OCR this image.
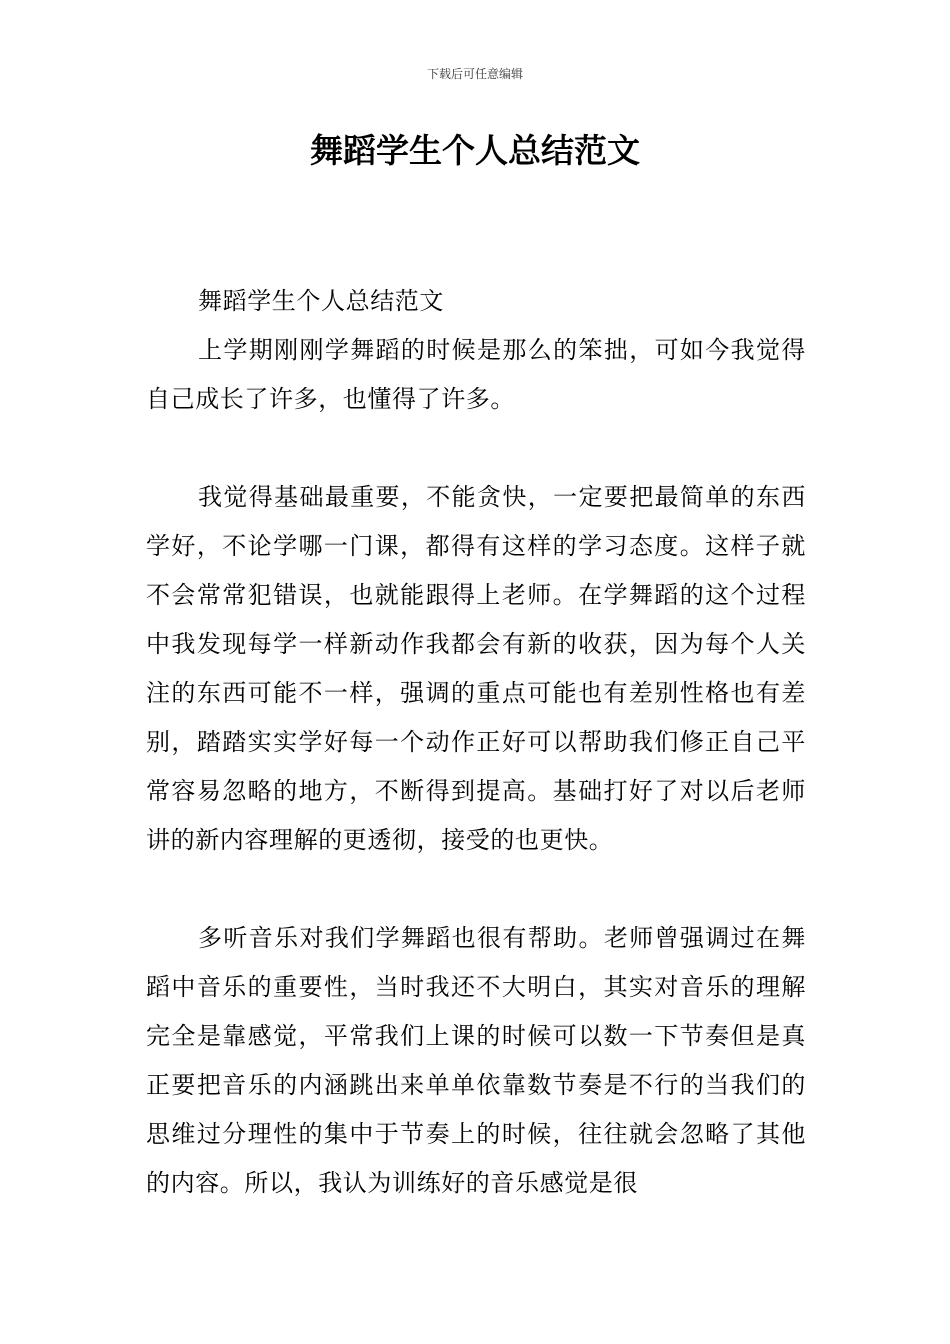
下载后可任意编辑
舞蹈学生个人总结范文

舞蹈学生个人总结范文

上学期刚刚学舞蹈的时候是那么的笨拙，可如今我觉得自己成长了许多，也懂得了许多。

我觉得基础最重要，不能贪快，一定要把最简单的东西学好，不论学哪一门课，都得有这样的学习态度。这样子就不会常常犯错误，也就能跟得上老师。在学舞蹈的这个过程中我发现每学一样新动作我都会有新的收获，因为每个人关注的东西可能不一样，强调的重点可能也有差别性格也有差别，踏踏实实学好每一个动作正好可以帮助我们修正自己平常容易忽略的地方，不断得到提高。基础打好了对以后老师讲的新内容理解的更透彻，接受的也更快。

多听音乐对我们学舞蹈也很有帮助。老师曾强调过在舞蹈中音乐的重要性，当时我还不大明白，其实对音乐的理解完全是靠感觉，平常我们上课的时候可以数一下节奏但是真正要把音乐的内涵跳出来单单依靠数节奏是不行的当我们的思维过分理性的集中于节奏上的时候，往往就会忽略了其他的内容。所以，我认为训练好的音乐感觉是很
